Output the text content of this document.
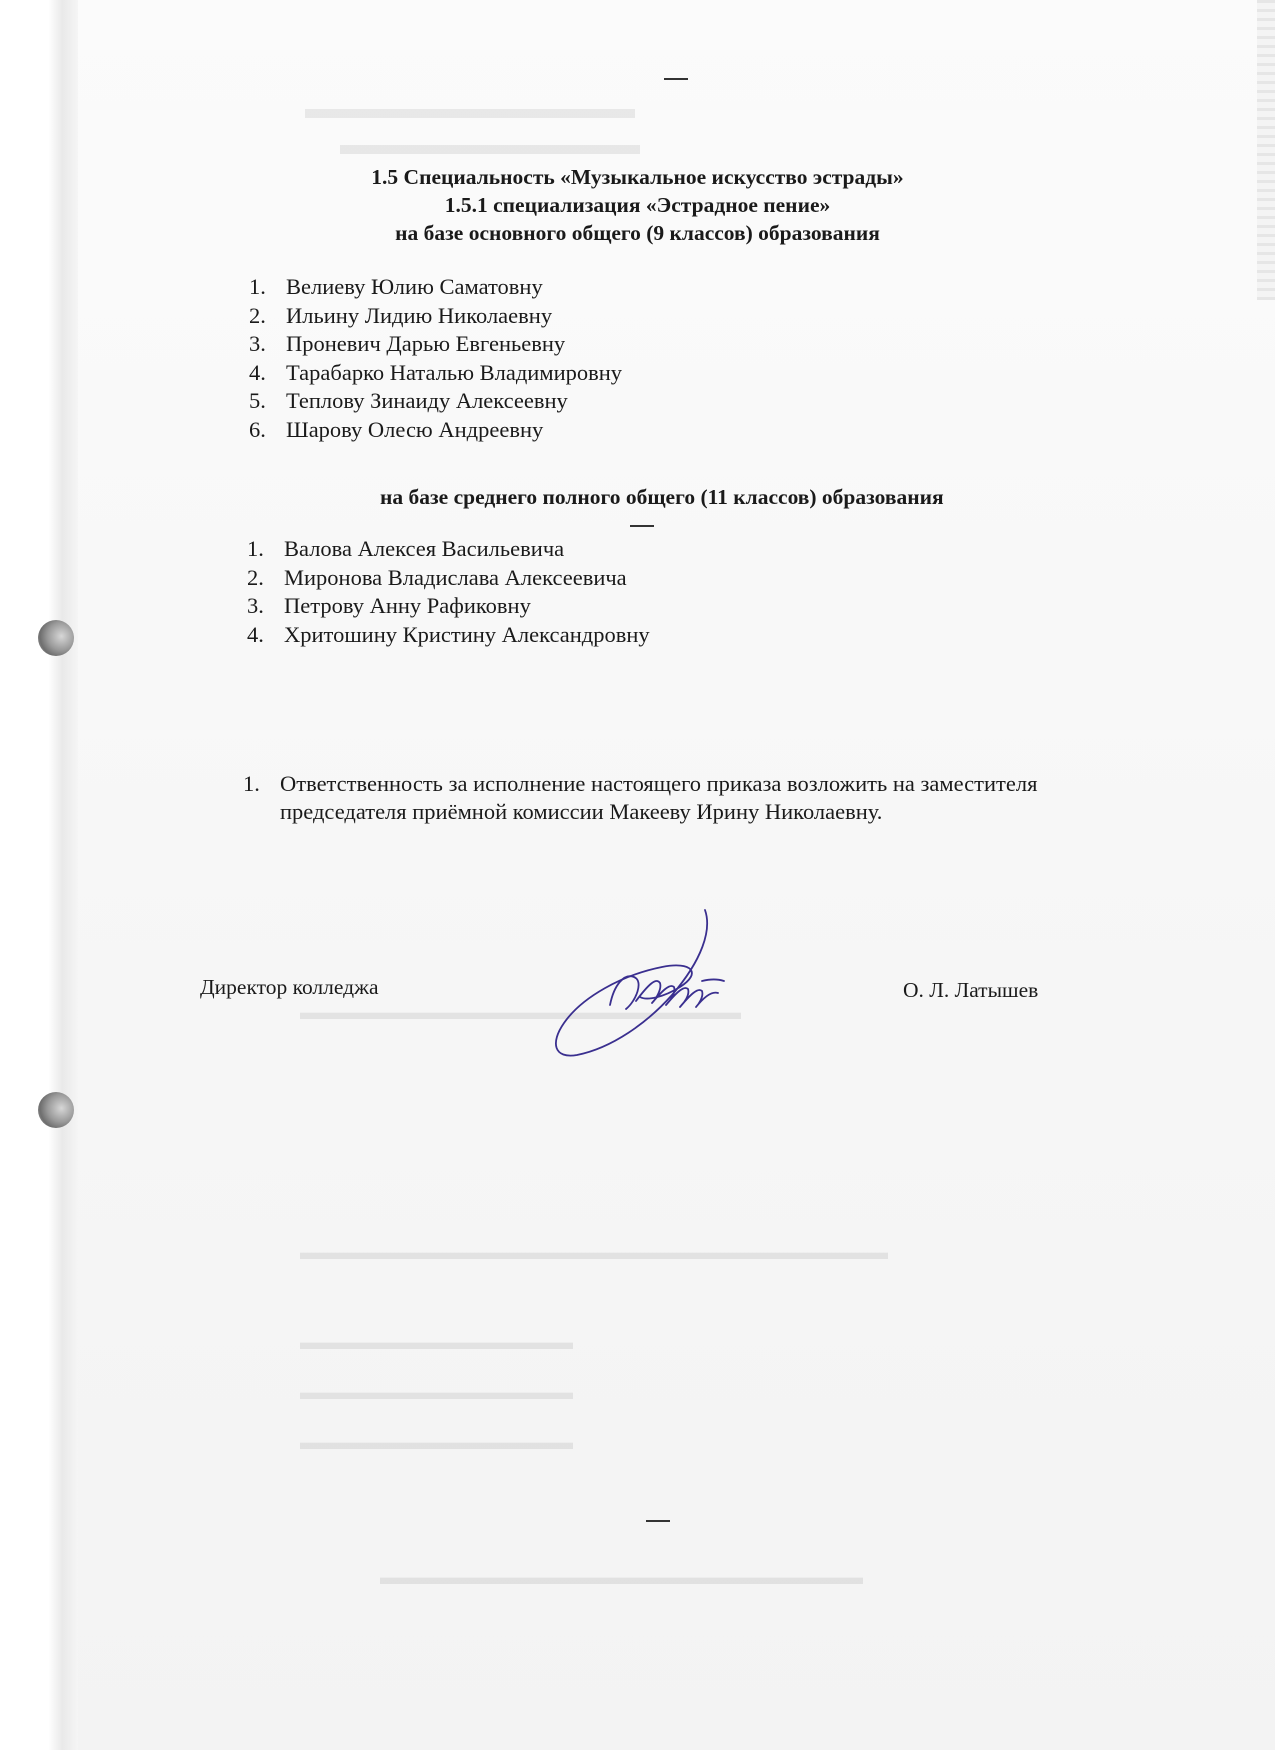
▬▬▬▬▬▬▬▬▬▬▬
▬▬▬▬▬▬▬▬▬▬
▬▬▬▬▬▬▬▬▬▬▬▬▬▬▬▬▬▬▬▬▬
▬▬▬▬▬▬▬▬▬▬▬▬▬▬▬▬▬▬▬▬▬▬▬▬▬▬▬▬
▬▬▬▬▬▬▬▬▬▬▬▬▬
▬▬▬▬▬▬▬▬▬▬▬▬▬
▬▬▬▬▬▬▬▬▬▬▬▬▬
▬▬▬▬▬▬▬▬▬▬▬▬▬▬▬▬▬▬▬▬▬▬▬
1.5 Специальность «Музыкальное искусство эстрады»
1.5.1 специализация «Эстрадное пение»
на базе основного общего (9 классов) образования
1. Велиеву Юлию Саматовну
2. Ильину Лидию Николаевну
3. Проневич Дарью Евгеньевну
4. Тарабарко Наталью Владимировну
5. Теплову Зинаиду Алексеевну
6. Шарову Олесю Андреевну
на базе среднего полного общего (11 классов) образования
1. Валова Алексея Васильевича
2. Миронова Владислава Алексеевича
3. Петрову Анну Рафиковну
4. Хритошину Кристину Александровну
1. Ответственность за исполнение настоящего приказа возложить на заместителя
председателя приёмной комиссии Макееву Ирину Николаевну.
Директор колледжа	О. Л. Латышев
